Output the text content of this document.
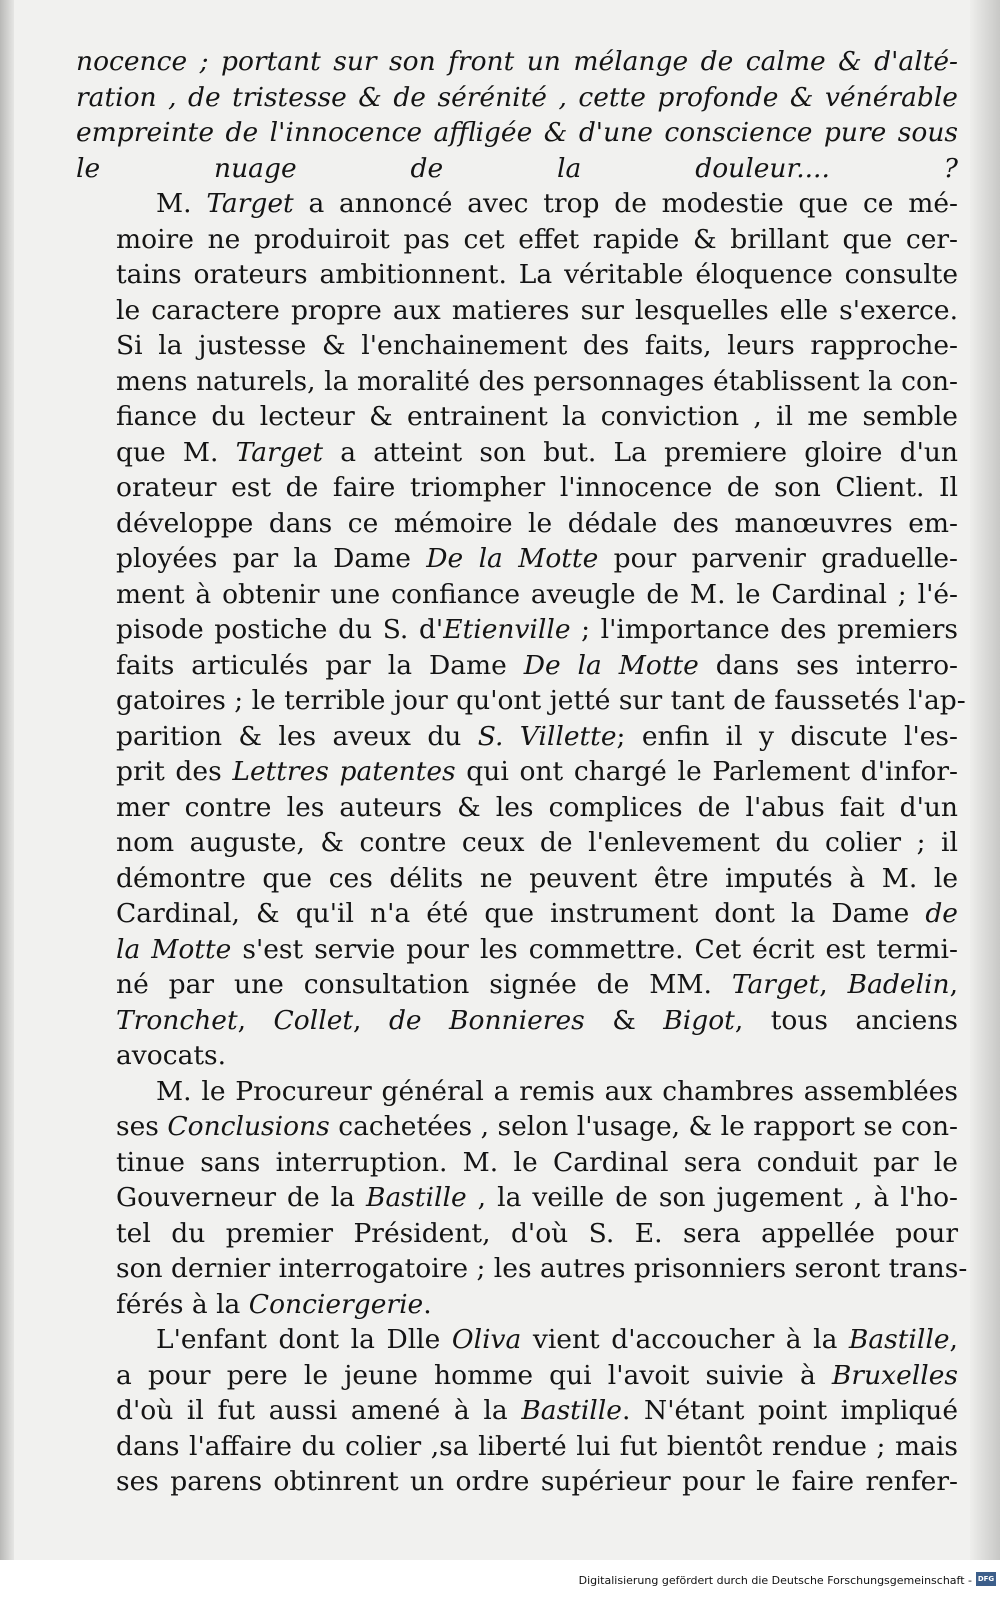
nocence ; portant sur son front un mélange de calme & d'alté-
ration , de tristesse & de sérénité , cette profonde & vénérable
empreinte de l'innocence affligée & d'une conscience pure sous
le nuage de la douleur.... ?
M. Target a annoncé avec trop de modestie que ce mé-
moire ne produiroit pas cet effet rapide & brillant que cer-
tains orateurs ambitionnent. La véritable éloquence consulte
le caractere propre aux matieres sur lesquelles elle s'exerce.
Si la justesse & l'enchainement des faits, leurs rapproche-
mens naturels, la moralité des personnages établissent la con-
fiance du lecteur & entrainent la conviction , il me semble
que M. Target a atteint son but. La premiere gloire d'un
orateur est de faire triompher l'innocence de son Client. Il
développe dans ce mémoire le dédale des manœuvres em-
ployées par la Dame De la Motte pour parvenir graduelle-
ment à obtenir une confiance aveugle de M. le Cardinal ; l'é-
pisode postiche du S. d'Etienville ; l'importance des premiers
faits articulés par la Dame De la Motte dans ses interro-
gatoires ; le terrible jour qu'ont jetté sur tant de faussetés l'ap-
parition & les aveux du S. Villette; enfin il y discute l'es-
prit des Lettres patentes qui ont chargé le Parlement d'infor-
mer contre les auteurs & les complices de l'abus fait d'un
nom auguste, & contre ceux de l'enlevement du colier ; il
démontre que ces délits ne peuvent être imputés à M. le
Cardinal, & qu'il n'a été que instrument dont la Dame de
la Motte s'est servie pour les commettre. Cet écrit est termi-
né par une consultation signée de MM. Target, Badelin,
Tronchet, Collet, de Bonnieres & Bigot, tous anciens
avocats.
M. le Procureur général a remis aux chambres assemblées
ses Conclusions cachetées , selon l'usage, & le rapport se con-
tinue sans interruption. M. le Cardinal sera conduit par le
Gouverneur de la Bastille , la veille de son jugement , à l'ho-
tel du premier Président, d'où S. E. sera appellée pour
son dernier interrogatoire ; les autres prisonniers seront trans-
férés à la Conciergerie.
L'enfant dont la Dlle Oliva vient d'accoucher à la Bastille,
a pour pere le jeune homme qui l'avoit suivie à Bruxelles
d'où il fut aussi amené à la Bastille. N'étant point impliqué
dans l'affaire du colier ,sa liberté lui fut bientôt rendue ; mais
ses parens obtinrent un ordre supérieur pour le faire renfer-
Digitalisierung gefördert durch die Deutsche Forschungsgemeinschaft - DFG
